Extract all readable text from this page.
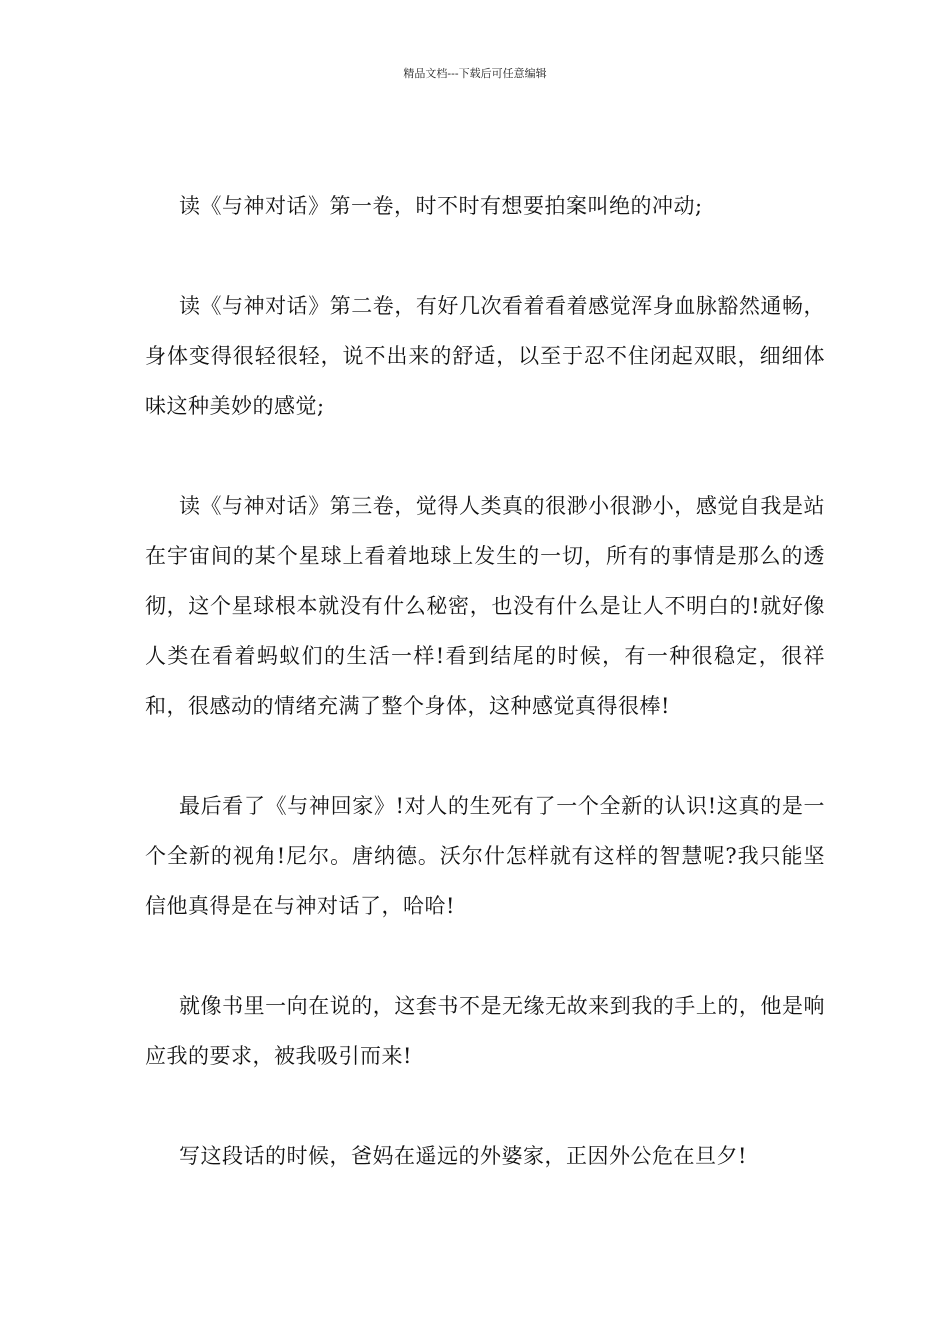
精品文档---下载后可任意编辑

读《与神对话》第一卷，时不时有想要拍案叫绝的冲动;

读《与神对话》第二卷，有好几次看着看着感觉浑身血脉豁然通畅，身体变得很轻很轻，说不出来的舒适，以至于忍不住闭起双眼，细细体味这种美妙的感觉;

读《与神对话》第三卷，觉得人类真的很渺小很渺小，感觉自我是站在宇宙间的某个星球上看着地球上发生的一切，所有的事情是那么的透彻，这个星球根本就没有什么秘密，也没有什么是让人不明白的!就好像人类在看着蚂蚁们的生活一样!看到结尾的时候，有一种很稳定，很祥和，很感动的情绪充满了整个身体，这种感觉真得很棒!

最后看了《与神回家》!对人的生死有了一个全新的认识!这真的是一个全新的视角!尼尔。唐纳德。沃尔什怎样就有这样的智慧呢?我只能坚信他真得是在与神对话了，哈哈!

就像书里一向在说的，这套书不是无缘无故来到我的手上的，他是响应我的要求，被我吸引而来!

写这段话的时候，爸妈在遥远的外婆家，正因外公危在旦夕!
